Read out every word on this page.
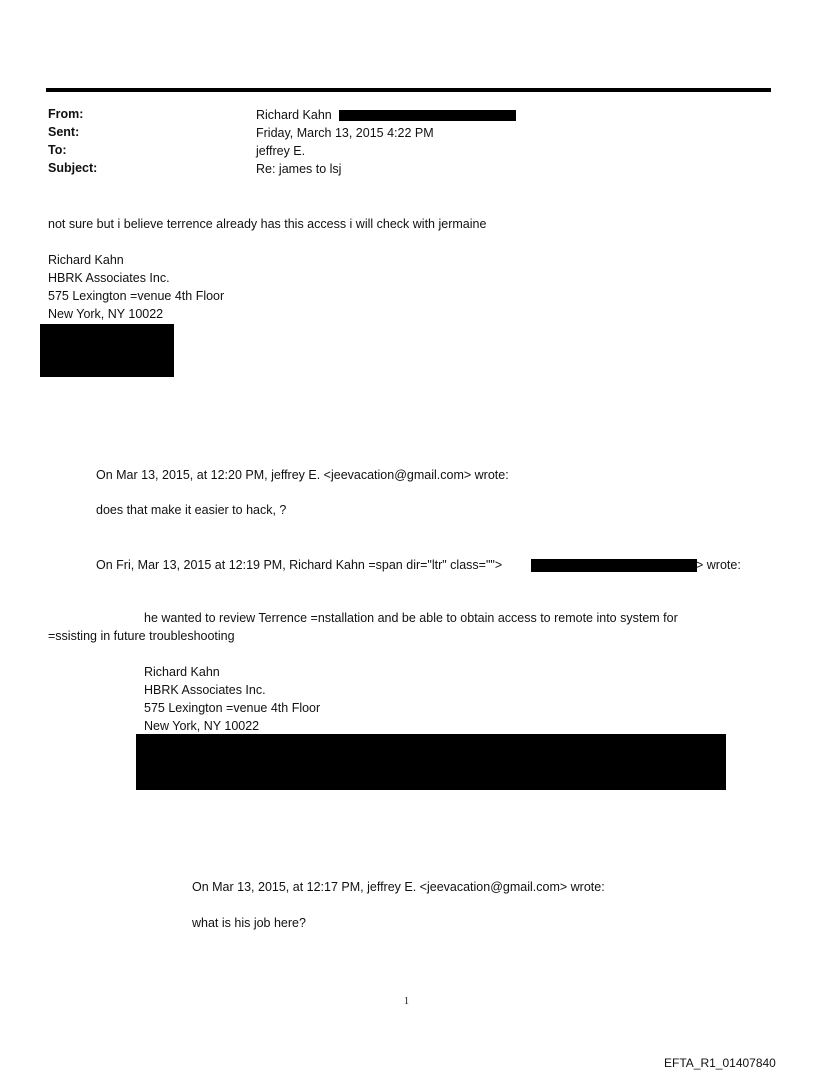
From:	Richard Kahn
Sent:	Friday, March 13, 2015 4:22 PM
To:	jeffrey E.
Subject:	Re: james to lsj
not sure but i believe terrence already has this access i will check with jermaine
Richard Kahn
HBRK Associates Inc.
575 Lexington =venue 4th Floor
New York, NY 10022
On Mar 13, 2015, at 12:20 PM, jeffrey E. <jeevacation@gmail.com> wrote:
does that make it easier to hack, ?
On Fri, Mar 13, 2015 at 12:19 PM, Richard Kahn =span dir="ltr" class="">	> wrote:
he wanted to review Terrence =nstallation and be able to obtain access to remote into system for
=ssisting in future troubleshooting
Richard Kahn
HBRK Associates Inc.
575 Lexington =venue 4th Floor
New York, NY 10022
On Mar 13, 2015, at 12:17 PM, jeffrey E. <jeevacation@gmail.com> wrote:
what is his job here?
1
EFTA_R1_01407840
